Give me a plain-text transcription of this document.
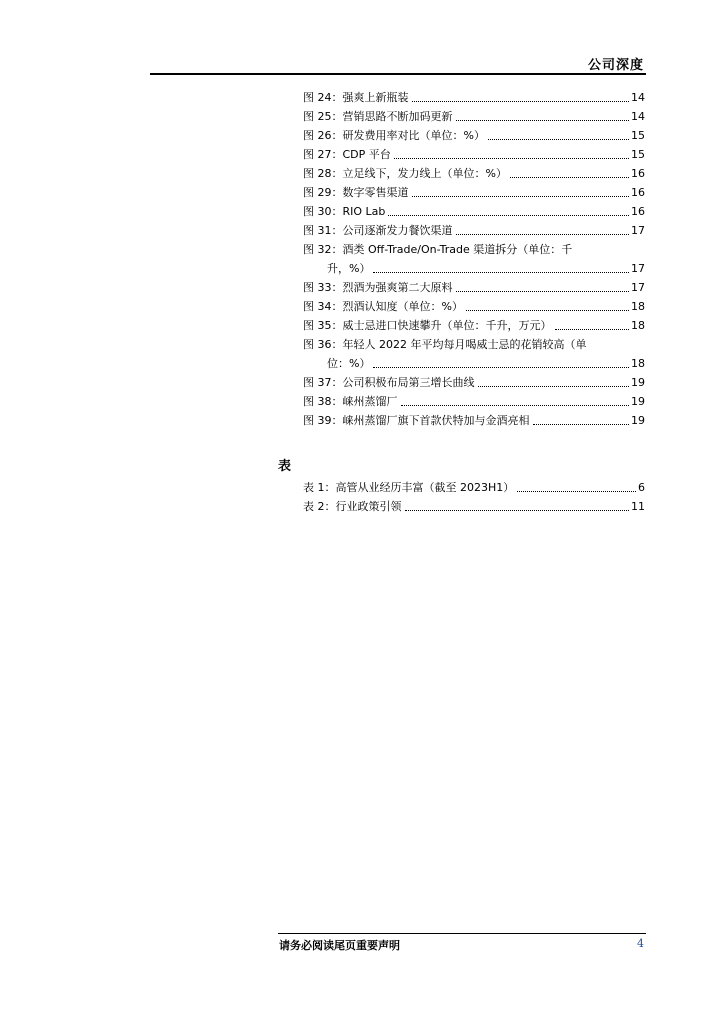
公司深度
图 24：强爽上新瓶装	14
图 25：营销思路不断加码更新	14
图 26：研发费用率对比（单位：%）	15
图 27：CDP 平台	15
图 28：立足线下，发力线上（单位：%）	16
图 29：数字零售渠道	16
图 30：RIO Lab	16
图 31：公司逐渐发力餐饮渠道	17
图 32：酒类 Off-Trade/On-Trade 渠道拆分（单位：千
升，%）	17
图 33：烈酒为强爽第二大原料	17
图 34：烈酒认知度（单位：%）	18
图 35：威士忌进口快速攀升（单位：千升，万元）	18
图 36：年轻人 2022 年平均每月喝威士忌的花销较高（单
位：%）	18
图 37：公司积极布局第三增长曲线	19
图 38：崃州蒸馏厂	19
图 39：崃州蒸馏厂旗下首款伏特加与金酒亮相	19
表
表 1：高管从业经历丰富（截至 2023H1）	6
表 2：行业政策引领	11
请务必阅读尾页重要声明	4
